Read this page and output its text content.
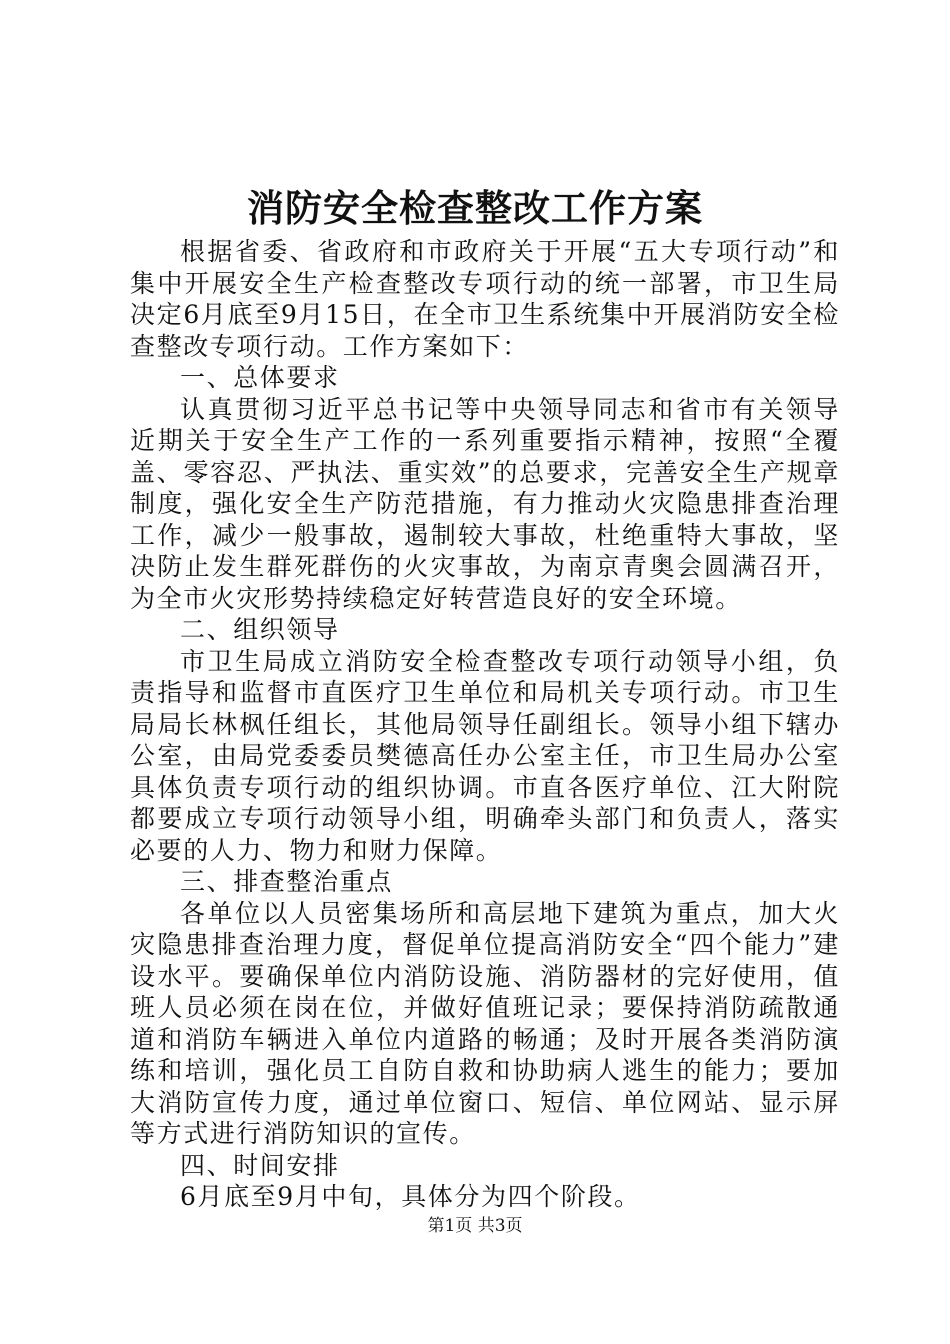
消防安全检查整改工作方案

根据省委、省政府和市政府关于开展“五大专项行动”和集中开展安全生产检查整改专项行动的统一部署，市卫生局决定6月底至9月15日，在全市卫生系统集中开展消防安全检查整改专项行动。工作方案如下：

一、总体要求

认真贯彻习近平总书记等中央领导同志和省市有关领导近期关于安全生产工作的一系列重要指示精神，按照“全覆盖、零容忍、严执法、重实效”的总要求，完善安全生产规章制度，强化安全生产防范措施，有力推动火灾隐患排查治理工作，减少一般事故，遏制较大事故，杜绝重特大事故，坚决防止发生群死群伤的火灾事故，为南京青奥会圆满召开，为全市火灾形势持续稳定好转营造良好的安全环境。

二、组织领导

市卫生局成立消防安全检查整改专项行动领导小组，负责指导和监督市直医疗卫生单位和局机关专项行动。市卫生局局长林枫任组长，其他局领导任副组长。领导小组下辖办公室，由局党委委员樊德高任办公室主任，市卫生局办公室具体负责专项行动的组织协调。市直各医疗单位、江大附院都要成立专项行动领导小组，明确牵头部门和负责人，落实必要的人力、物力和财力保障。

三、排查整治重点

各单位以人员密集场所和高层地下建筑为重点，加大火灾隐患排查治理力度，督促单位提高消防安全“四个能力”建设水平。要确保单位内消防设施、消防器材的完好使用，值班人员必须在岗在位，并做好值班记录；要保持消防疏散通道和消防车辆进入单位内道路的畅通；及时开展各类消防演练和培训，强化员工自防自救和协助病人逃生的能力；要加大消防宣传力度，通过单位窗口、短信、单位网站、显示屏等方式进行消防知识的宣传。

四、时间安排

6月底至9月中旬，具体分为四个阶段。

第1页 共3页
